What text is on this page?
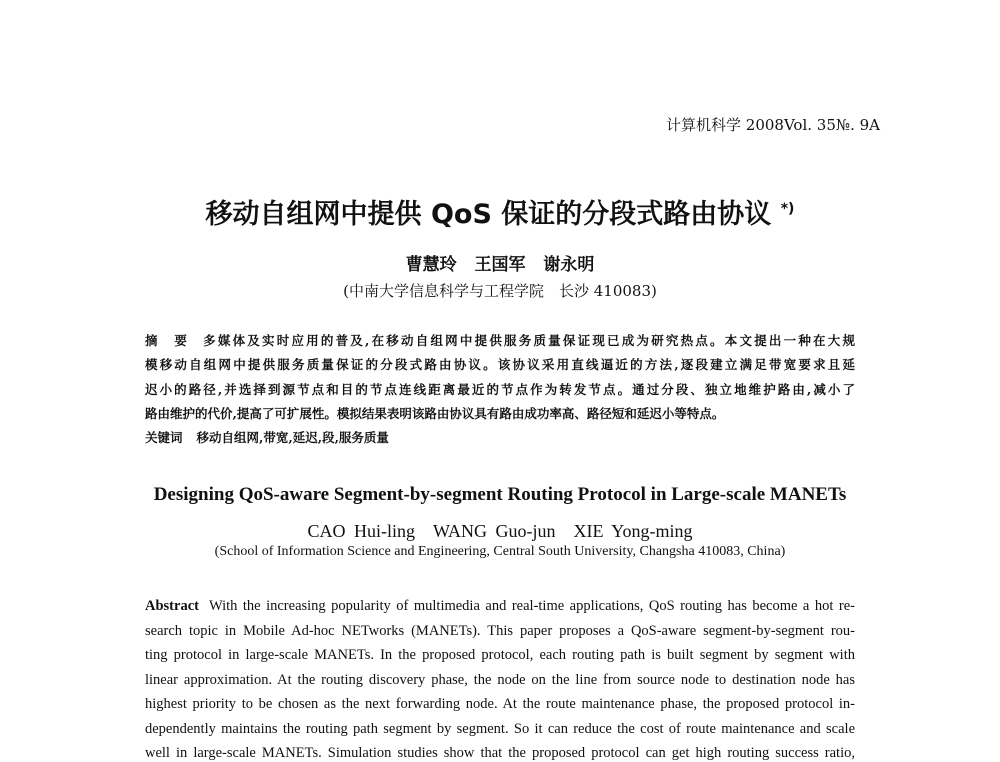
计算机科学 2008Vol. 35№. 9A
移动自组网中提供 QoS 保证的分段式路由协议 *)
曹慧玲 王国军 谢永明
(中南大学信息科学与工程学院　长沙 410083)
摘　要 多媒体及实时应用的普及,在移动自组网中提供服务质量保证现已成为研究热点。本文提出一种在大规
模移动自组网中提供服务质量保证的分段式路由协议。该协议采用直线逼近的方法,逐段建立满足带宽要求且延
迟小的路径,并选择到源节点和目的节点连线距离最近的节点作为转发节点。通过分段、独立地维护路由,减小了
路由维护的代价,提高了可扩展性。模拟结果表明该路由协议具有路由成功率高、路径短和延迟小等特点。
关键词 移动自组网,带宽,延迟,段,服务质量
Designing QoS-aware Segment-by-segment Routing Protocol in Large-scale MANETs
CAO Hui-ling　WANG Guo-jun　XIE Yong-ming
(School of Information Science and Engineering, Central South University, Changsha 410083, China)
Abstract With the increasing popularity of multimedia and real-time applications, QoS routing has become a hot re-
search topic in Mobile Ad-hoc NETworks (MANETs). This paper proposes a QoS-aware segment-by-segment rou-
ting protocol in large-scale MANETs. In the proposed protocol, each routing path is built segment by segment with
linear approximation. At the routing discovery phase, the node on the line from source node to destination node has
highest priority to be chosen as the next forwarding node. At the route maintenance phase, the proposed protocol in-
dependently maintains the routing path segment by segment. So it can reduce the cost of route maintenance and scale
well in large-scale MANETs. Simulation studies show that the proposed protocol can get high routing success ratio,
